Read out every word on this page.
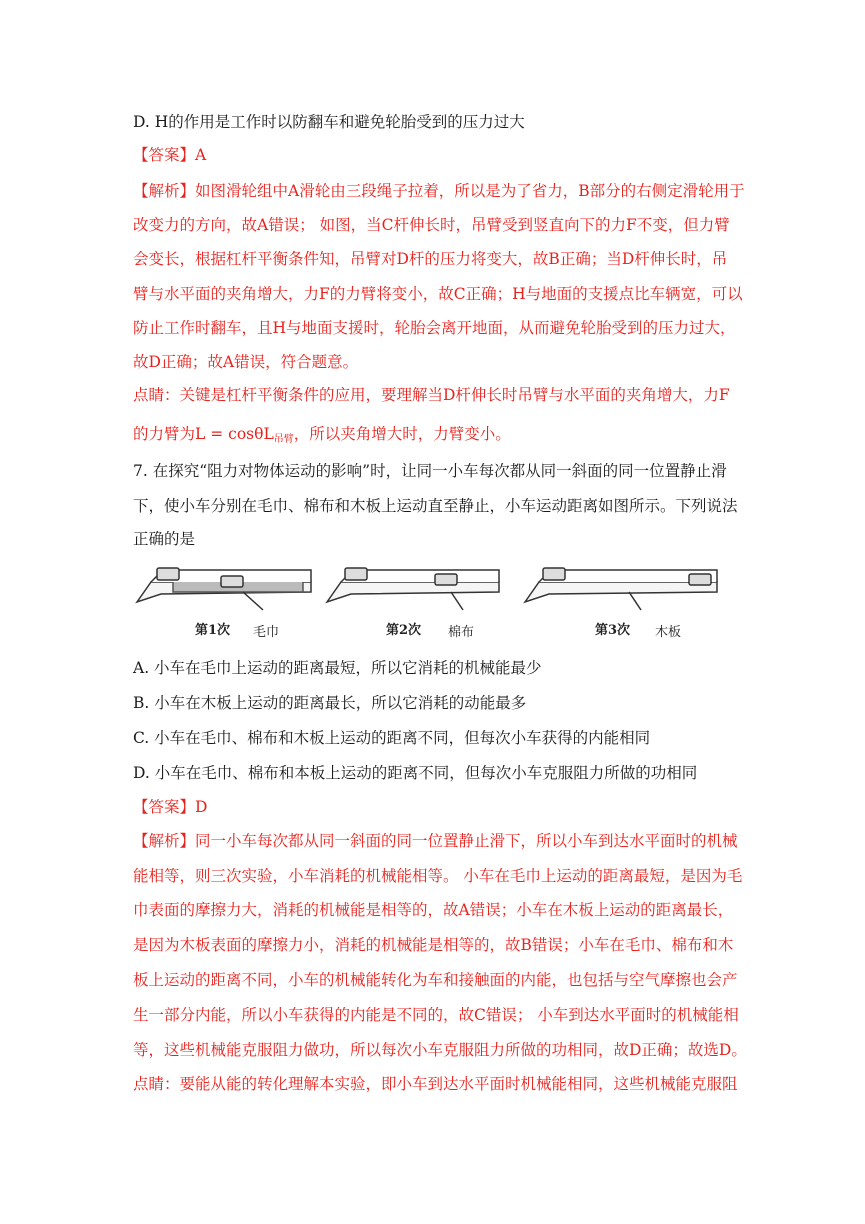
D. H的作用是工作时以防翻车和避免轮胎受到的压力过大
【答案】A
【解析】如图滑轮组中A滑轮由三段绳子拉着，所以是为了省力，B部分的右侧定滑轮用于
改变力的方向，故A错误； 如图，当C杆伸长时，吊臂受到竖直向下的力F不变，但力臂
会变长，根据杠杆平衡条件知，吊臂对D杆的压力将变大，故B正确；当D杆伸长时，吊
臂与水平面的夹角增大，力F的力臂将变小，故C正确；H与地面的支援点比车辆宽，可以
防止工作时翻车，且H与地面支援时，轮胎会离开地面，从而避免轮胎受到的压力过大，
故D正确；故A错误，符合题意。
点睛：关键是杠杆平衡条件的应用，要理解当D杆伸长时吊臂与水平面的夹角增大，力F
的力臂为L = cosθL$_{吊臂}$，所以夹角增大时，力臂变小。
7. 在探究“阻力对物体运动的影响”时，让同一小车每次都从同一斜面的同一位置静止滑
下，使小车分别在毛巾、棉布和木板上运动直至静止，小车运动距离如图所示。下列说法
正确的是
第1次 毛巾	第2次 棉布	第3次 木板
A. 小车在毛巾上运动的距离最短，所以它消耗的机械能最少
B. 小车在木板上运动的距离最长，所以它消耗的动能最多
C. 小车在毛巾、棉布和木板上运动的距离不同，但每次小车获得的内能相同
D. 小车在毛巾、棉布和本板上运动的距离不同，但每次小车克服阻力所做的功相同
【答案】D
【解析】同一小车每次都从同一斜面的同一位置静止滑下，所以小车到达水平面时的机械
能相等，则三次实验，小车消耗的机械能相等。 小车在毛巾上运动的距离最短，是因为毛
巾表面的摩擦力大，消耗的机械能是相等的，故A错误；小车在木板上运动的距离最长，
是因为木板表面的摩擦力小，消耗的机械能是相等的，故B错误；小车在毛巾、棉布和木
板上运动的距离不同，小车的机械能转化为车和接触面的内能，也包括与空气摩擦也会产
生一部分内能，所以小车获得的内能是不同的，故C错误； 小车到达水平面时的机械能相
等，这些机械能克服阻力做功，所以每次小车克服阻力所做的功相同，故D正确；故选D。
点睛：要能从能的转化理解本实验，即小车到达水平面时机械能相同，这些机械能克服阻
